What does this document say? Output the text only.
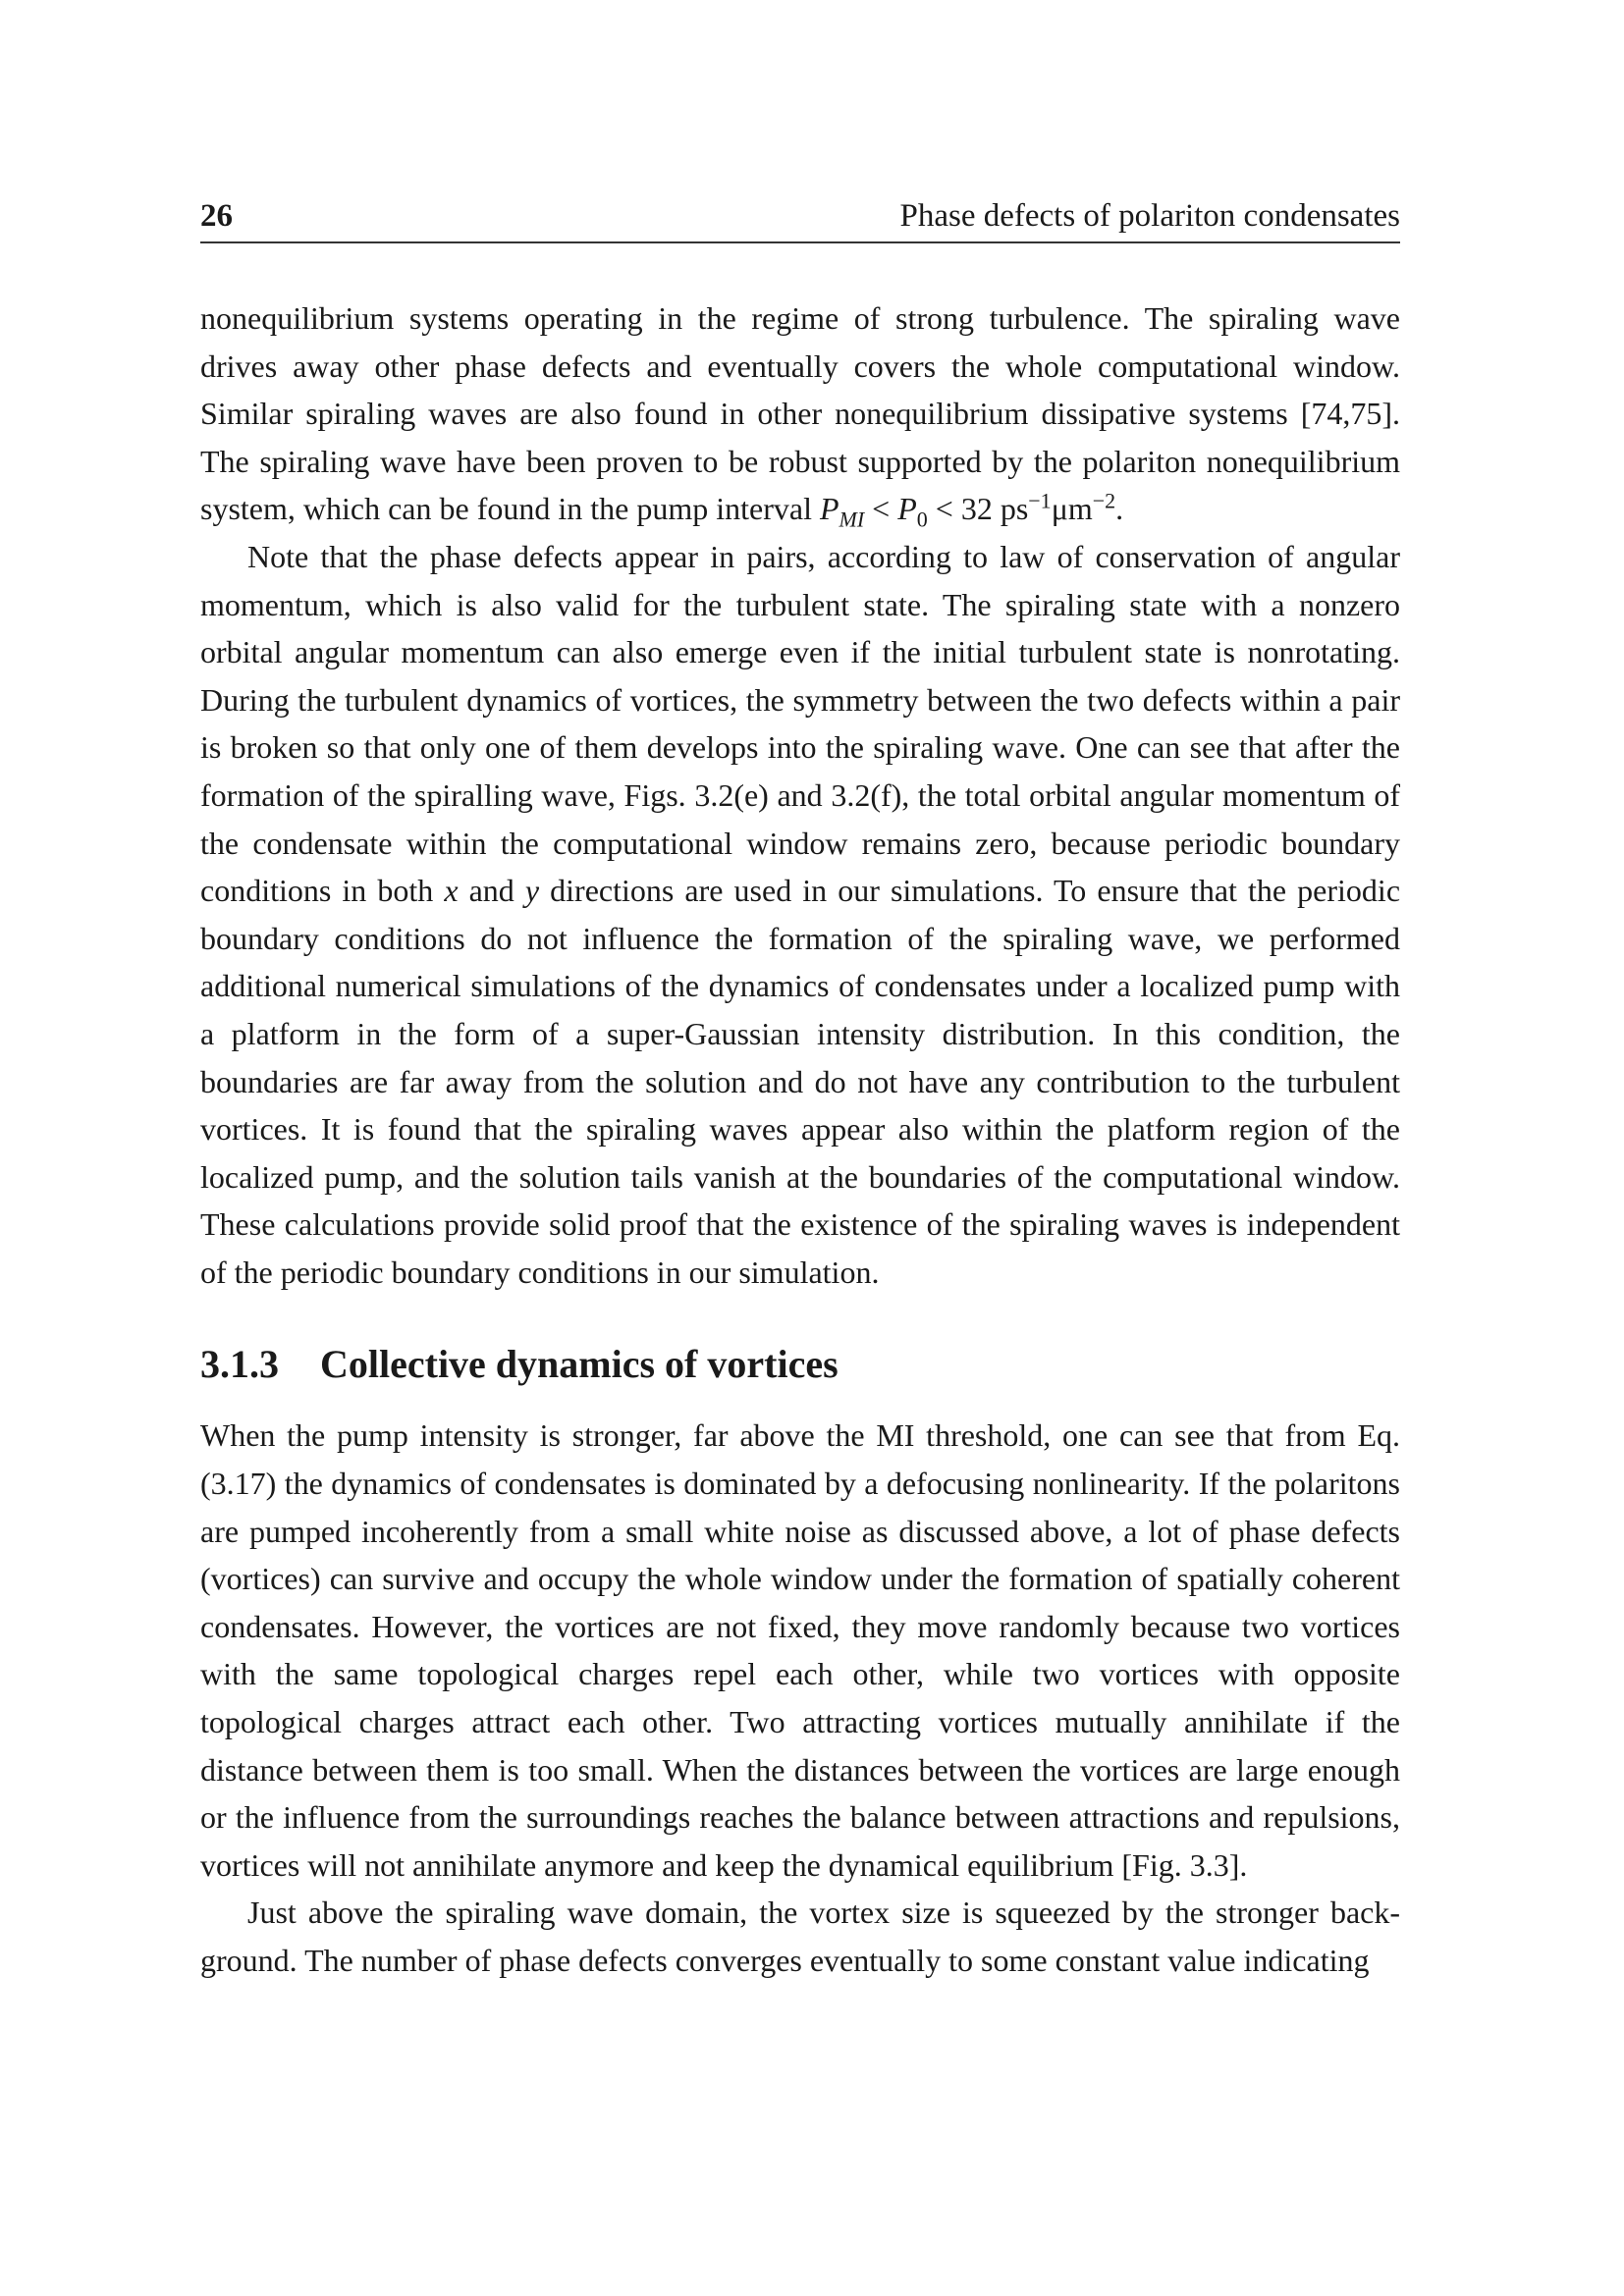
26	Phase defects of polariton condensates

nonequilibrium systems operating in the regime of strong turbulence. The spiraling wave drives away other phase defects and eventually covers the whole computational window. Similar spiraling waves are also found in other nonequilibrium dissipative systems [74,75]. The spiraling wave have been proven to be robust supported by the polariton nonequilibrium system, which can be found in the pump interval $P_{MI} < P_0 < 32$ $ps^{-1}\mu m^{-2}$.

Note that the phase defects appear in pairs, according to law of conservation of angular momentum, which is also valid for the turbulent state. The spiraling state with a nonzero orbital angular momentum can also emerge even if the initial turbulent state is nonrotating. During the turbulent dynamics of vortices, the symmetry between the two defects within a pair is broken so that only one of them develops into the spiraling wave. One can see that after the formation of the spiralling wave, Figs. 3.2(e) and 3.2(f), the total orbital angular momentum of the condensate within the computational window remains zero, because periodic boundary conditions in both x and y directions are used in our simulations. To ensure that the periodic boundary conditions do not influence the formation of the spiraling wave, we performed additional numerical simulations of the dynamics of condensates under a localized pump with a platform in the form of a super-Gaussian intensity distribution. In this condition, the boundaries are far away from the solution and do not have any contribution to the turbulent vortices. It is found that the spiraling waves appear also within the platform region of the localized pump, and the solution tails vanish at the boundaries of the computational window. These calculations provide solid proof that the existence of the spiraling waves is independent of the periodic boundary conditions in our simulation.

3.1.3 Collective dynamics of vortices

When the pump intensity is stronger, far above the MI threshold, one can see that from Eq. (3.17) the dynamics of condensates is dominated by a defocusing nonlinearity. If the polaritons are pumped incoherently from a small white noise as discussed above, a lot of phase defects (vortices) can survive and occupy the whole window under the formation of spatially coherent condensates. However, the vortices are not fixed, they move randomly because two vortices with the same topological charges repel each other, while two vortices with opposite topological charges attract each other. Two attracting vortices mutually annihilate if the distance between them is too small. When the distances between the vortices are large enough or the influence from the surroundings reaches the balance between attractions and repulsions, vortices will not annihilate anymore and keep the dynamical equilibrium [Fig. 3.3].

Just above the spiraling wave domain, the vortex size is squeezed by the stronger background. The number of phase defects converges eventually to some constant value indicating
